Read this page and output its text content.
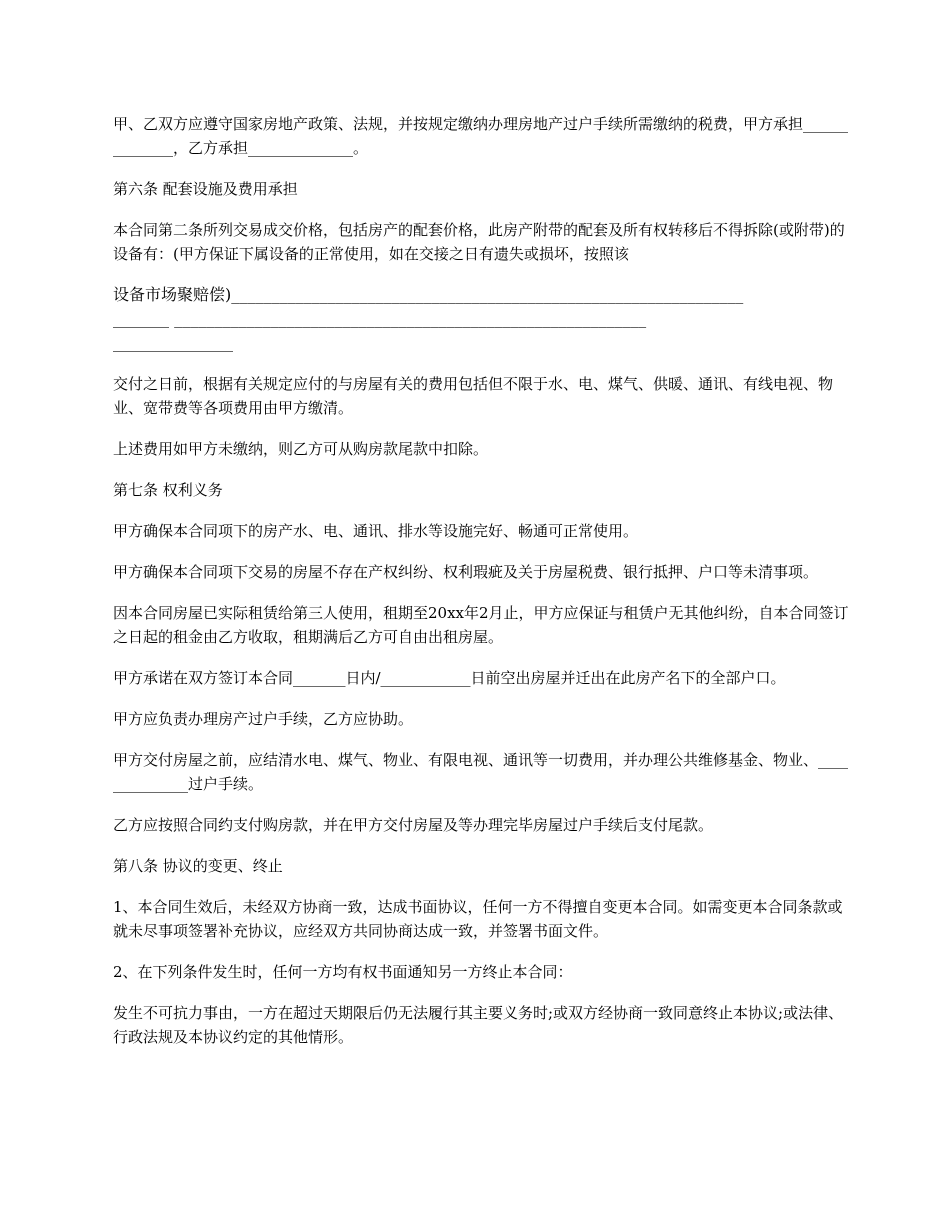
甲、乙双方应遵守国家房地产政策、法规，并按规定缴纳办理房地产过户手续所需缴纳的税费，甲方承担______________，乙方承担______________。

第六条 配套设施及费用承担

本合同第二条所列交易成交价格，包括房产的配套价格，此房产附带的配套及所有权转移后不得拆除(或附带)的设备有：(甲方保证下属设备的正常使用，如在交接之日有遗失或损坏，按照该

设备市场聚赔偿)________________________________________________________________
_______ ___________________________________________________________
_______________

交付之日前，根据有关规定应付的与房屋有关的费用包括但不限于水、电、煤气、供暖、通讯、有线电视、物业、宽带费等各项费用由甲方缴清。

上述费用如甲方未缴纳，则乙方可从购房款尾款中扣除。

第七条 权利义务

甲方确保本合同项下的房产水、电、通讯、排水等设施完好、畅通可正常使用。

甲方确保本合同项下交易的房屋不存在产权纠纷、权利瑕疵及关于房屋税费、银行抵押、户口等未清事项。

因本合同房屋已实际租赁给第三人使用，租期至20xx年2月止，甲方应保证与租赁户无其他纠纷，自本合同签订之日起的租金由乙方收取，租期满后乙方可自由出租房屋。

甲方承诺在双方签订本合同_______日内/____________日前空出房屋并迁出在此房产名下的全部户口。

甲方应负责办理房产过户手续，乙方应协助。

甲方交付房屋之前，应结清水电、煤气、物业、有限电视、通讯等一切费用，并办理公共维修基金、物业、______________过户手续。

乙方应按照合同约支付购房款，并在甲方交付房屋及等办理完毕房屋过户手续后支付尾款。

第八条 协议的变更、终止

1、本合同生效后，未经双方协商一致，达成书面协议，任何一方不得擅自变更本合同。如需变更本合同条款或就未尽事项签署补充协议，应经双方共同协商达成一致，并签署书面文件。

2、在下列条件发生时，任何一方均有权书面通知另一方终止本合同：

发生不可抗力事由，一方在超过天期限后仍无法履行其主要义务时;或双方经协商一致同意终止本协议;或法律、行政法规及本协议约定的其他情形。
